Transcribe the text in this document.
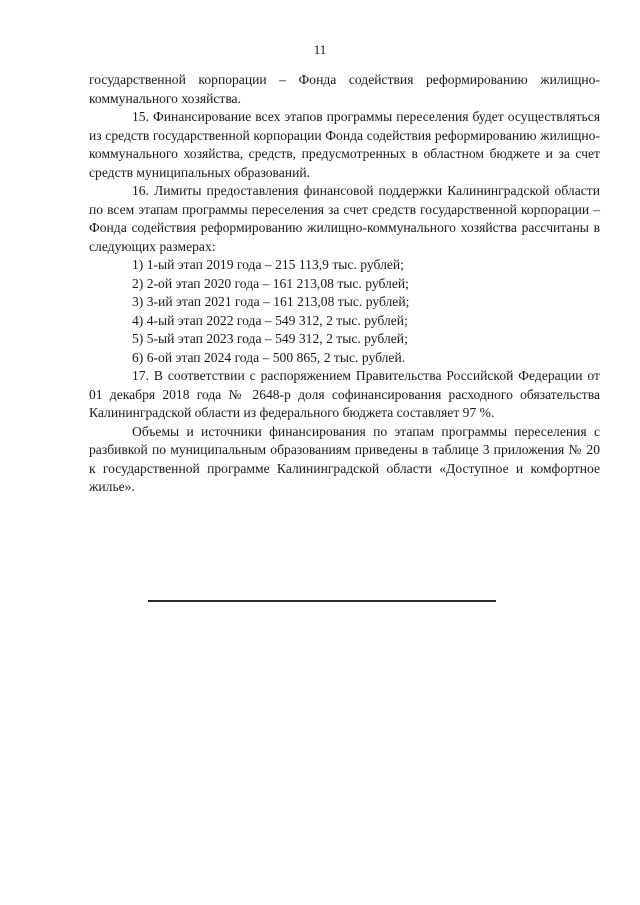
11

государственной корпорации – Фонда содействия реформированию жилищно-коммунального хозяйства.

15. Финансирование всех этапов программы переселения будет осуществляться из средств государственной корпорации Фонда содействия реформированию жилищно-коммунального хозяйства, средств, предусмотренных в областном бюджете и за счет средств муниципальных образований.

16. Лимиты предоставления финансовой поддержки Калининградской области по всем этапам программы переселения за счет средств государственной корпорации – Фонда содействия реформированию жилищно-коммунального хозяйства рассчитаны в следующих размерах:

1) 1-ый этап 2019 года – 215 113,9 тыс. рублей;
2) 2-ой этап 2020 года – 161 213,08 тыс. рублей;
3) 3-ий этап 2021 года – 161 213,08 тыс. рублей;
4) 4-ый этап 2022 года – 549 312, 2 тыс. рублей;
5) 5-ый этап 2023 года – 549 312, 2 тыс. рублей;
6) 6-ой этап 2024 года – 500 865, 2 тыс. рублей.

17. В соответствии с распоряжением Правительства Российской Федерации от 01 декабря 2018 года № 2648-р доля софинансирования расходного обязательства Калининградской области из федерального бюджета составляет 97 %.

Объемы и источники финансирования по этапам программы переселения с разбивкой по муниципальным образованиям приведены в таблице 3 приложения № 20 к государственной программе Калининградской области «Доступное и комфортное жилье».
